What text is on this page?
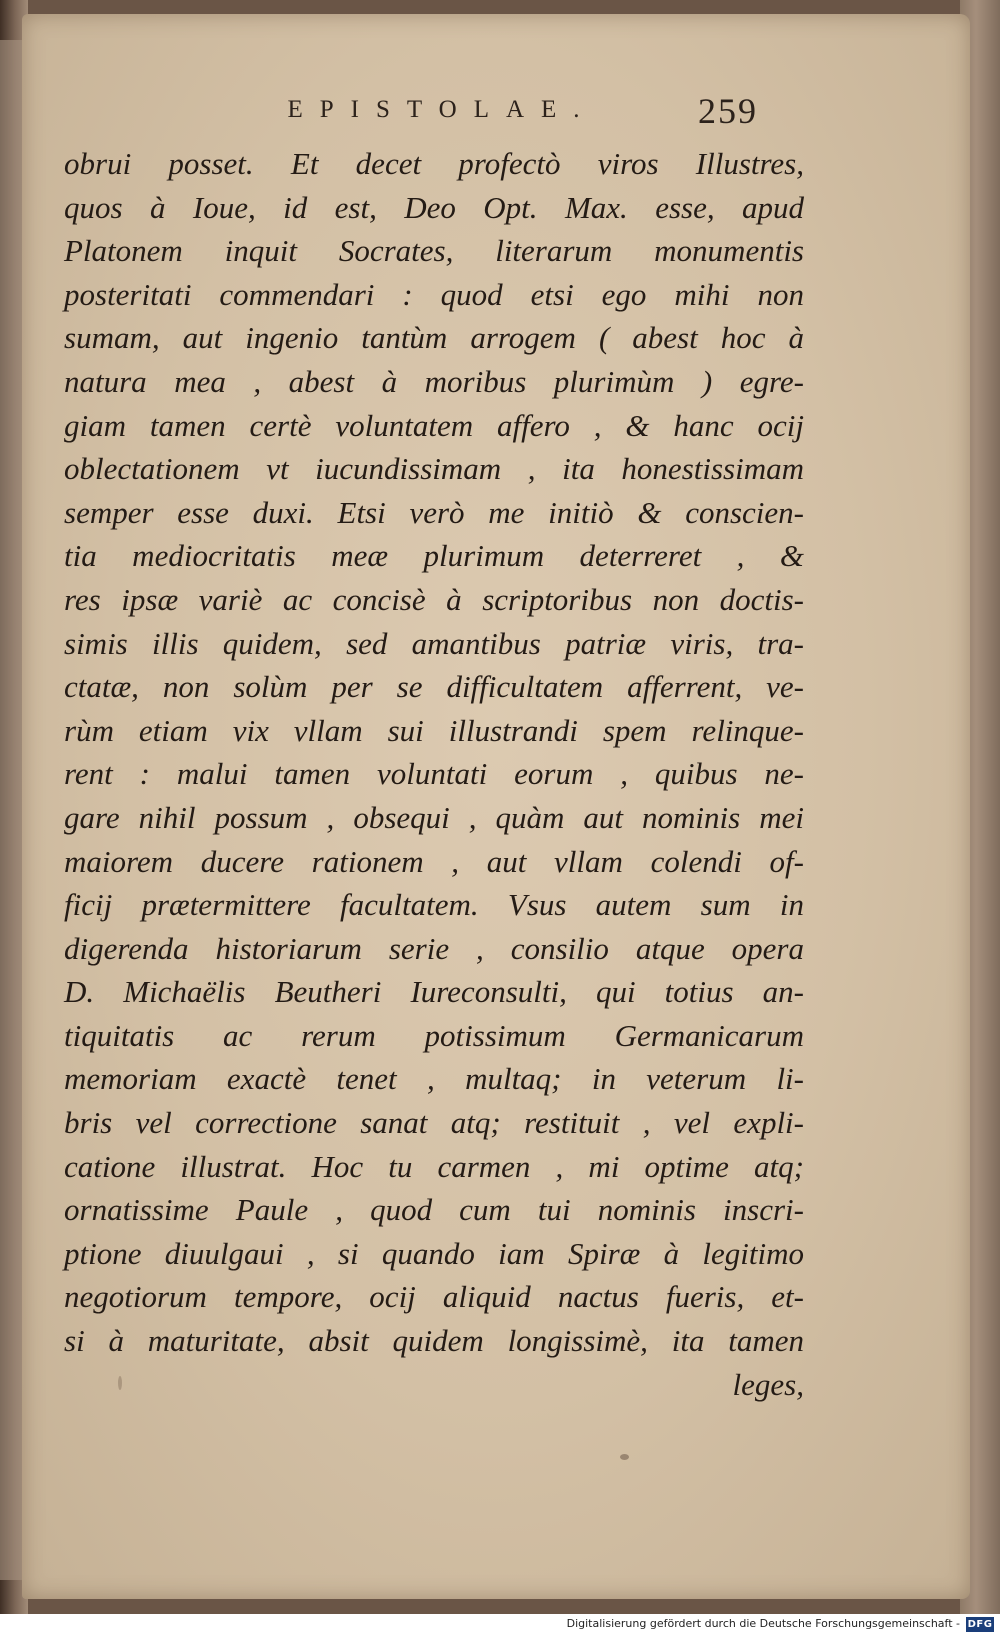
EPISTOLAE.	259
obrui posset. Et decet profectò viros Illustres,
quos à Ioue, id est, Deo Opt. Max. esse, apud
Platonem inquit Socrates, literarum monumentis
posteritati commendari : quod etsi ego mihi non
sumam, aut ingenio tantùm arrogem ( abest hoc à
natura mea , abest à moribus plurimùm ) egre-
giam tamen certè voluntatem affero , & hanc ocij
oblectationem vt iucundissimam , ita honestissimam
semper esse duxi. Etsi verò me initiò & conscien-
tia mediocritatis meæ plurimum deterreret , &
res ipsæ variè ac concisè à scriptoribus non doctis-
simis illis quidem, sed amantibus patriæ viris, tra-
ctatæ, non solùm per se difficultatem afferrent, ve-
rùm etiam vix vllam sui illustrandi spem relinque-
rent : malui tamen voluntati eorum , quibus ne-
gare nihil possum , obsequi , quàm aut nominis mei
maiorem ducere rationem , aut vllam colendi of-
ficij prætermittere facultatem. Vsus autem sum in
digerenda historiarum serie , consilio atque opera
D. Michaëlis Beutheri Iureconsulti, qui totius an-
tiquitatis ac rerum potissimum Germanicarum
memoriam exactè tenet , multaq; in veterum li-
bris vel correctione sanat atq; restituit , vel expli-
catione illustrat. Hoc tu carmen , mi optime atq;
ornatissime Paule , quod cum tui nominis inscri-
ptione diuulgaui , si quando iam Spiræ à legitimo
negotiorum tempore, ocij aliquid nactus fueris, et-
si à maturitate, absit quidem longissimè, ita tamen
leges,
Digitalisierung gefördert durch die Deutsche Forschungsgemeinschaft - DFG
